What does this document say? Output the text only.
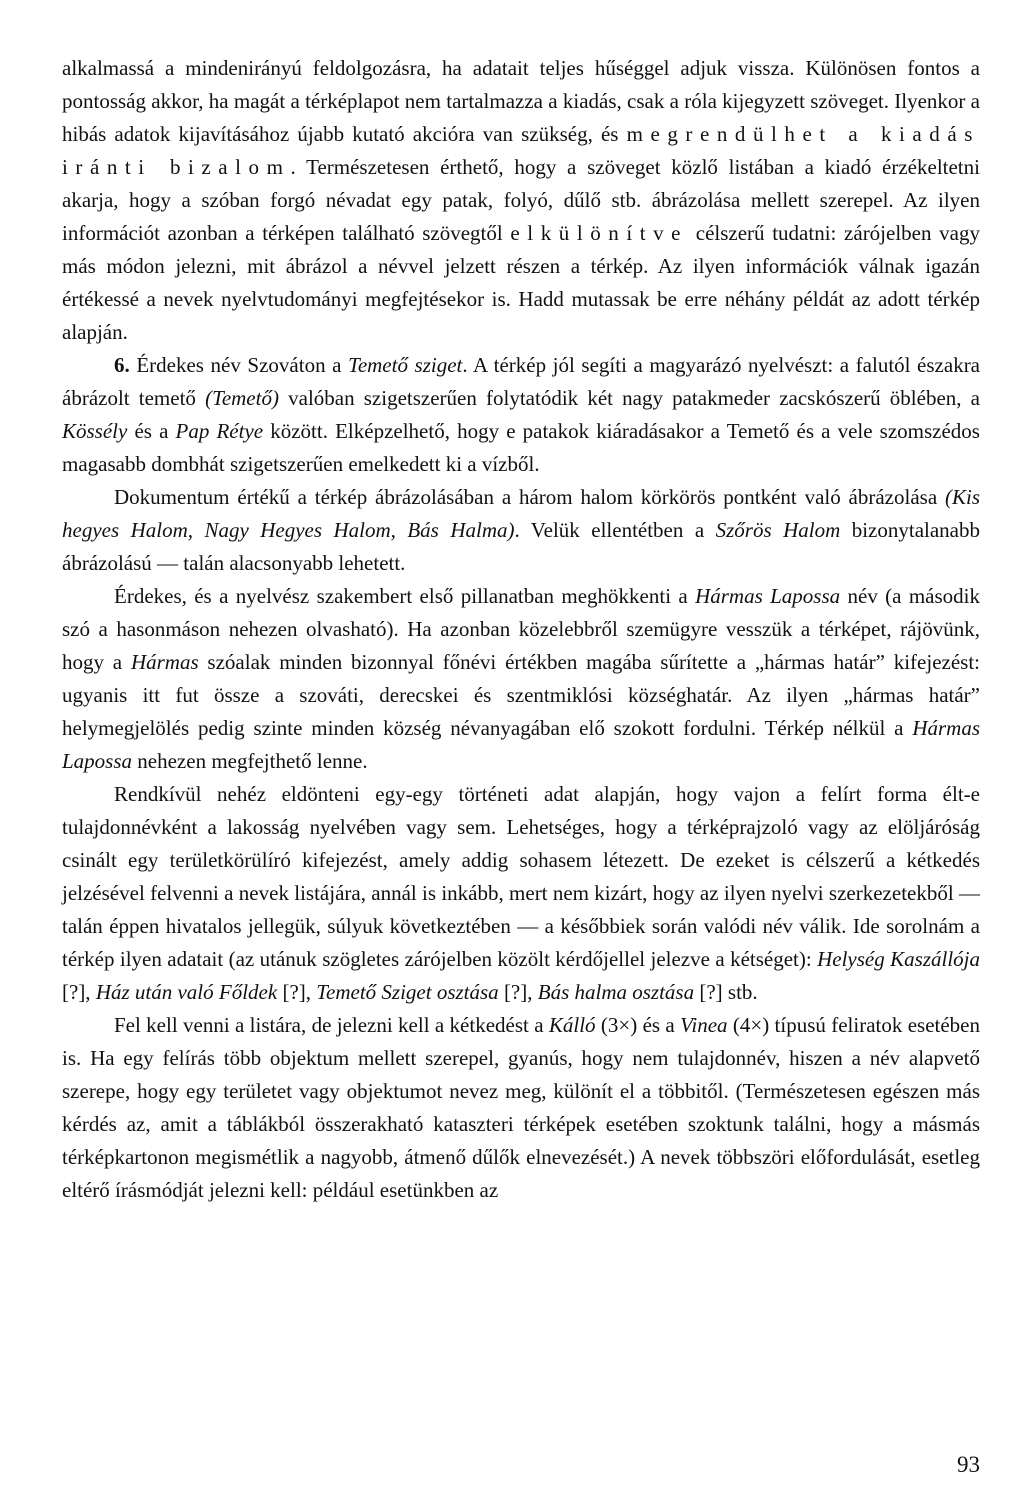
alkalmassá a mindenirányú feldolgozásra, ha adatait teljes hűséggel adjuk vissza. Különösen fontos a pontosság akkor, ha magát a térképlapot nem tartalmazza a kiadás, csak a róla kijegyzett szöveget. Ilyenkor a hibás adatok kijavításához újabb kutató akcióra van szükség, és megrendülhet a kiadás iránti bizalom. Természetesen érthető, hogy a szöveget közlő listában a kiadó érzékeltetni akarja, hogy a szóban forgó névadat egy patak, folyó, dűlő stb. ábrázolása mellett szerepel. Az ilyen információt azonban a térképen található szövegtől elkülönítve célszerű tudatni: zárójelben vagy más módon jelezni, mit ábrázol a névvel jelzett részen a térkép. Az ilyen információk válnak igazán értékessé a nevek nyelvtudományi megfejtésekor is. Hadd mutassak be erre néhány példát az adott térkép alapján.

6. Érdekes név Szováton a Temető sziget. A térkép jól segíti a magyarázó nyelvészt: a falutól északra ábrázolt temető (Temető) valóban szigetszerűen folytatódik két nagy patakmeder zacskószerű öblében, a Kössély és a Pap Rétye között. Elképzelhető, hogy e patakok kiáradásakor a Temető és a vele szomszédos magasabb dombhát szigetszerűen emelkedett ki a vízből.

Dokumentum értékű a térkép ábrázolásában a három halom körkörös pontként való ábrázolása (Kis hegyes Halom, Nagy Hegyes Halom, Bás Halma). Velük ellentétben a Szőrös Halom bizonytalanabb ábrázolású — talán alacsonyabb lehetett.

Érdekes, és a nyelvész szakembert első pillanatban meghökkenti a Hármas Lapossa név (a második szó a hasonmáson nehezen olvasható). Ha azonban közelebbről szemügyre vesszük a térképet, rájövünk, hogy a Hármas szóalak minden bizonnyal főnévi értékben magába sűrítette a „hármas határ” kifejezést: ugyanis itt fut össze a szováti, derecskei és szentmiklósi községhatár. Az ilyen „hármas határ” helymegjelölés pedig szinte minden község névanyagában elő szokott fordulni. Térkép nélkül a Hármas Lapossa nehezen megfejthető lenne.

Rendkívül nehéz eldönteni egy-egy történeti adat alapján, hogy vajon a felírt forma élt-e tulajdonnévként a lakosság nyelvében vagy sem. Lehetséges, hogy a térképrajzoló vagy az elöljáróság csinált egy területkörülíró kifejezést, amely addig sohasem létezett. De ezeket is célszerű a kétkedés jelzésével felvenni a nevek listájára, annál is inkább, mert nem kizárt, hogy az ilyen nyelvi szerkezetekből — talán éppen hivatalos jellegük, súlyuk következtében — a későbbiek során valódi név válik. Ide sorolnám a térkép ilyen adatait (az utánuk szögletes zárójelben közölt kérdőjellel jelezve a kétséget): Helység Kaszállója [?], Ház után való Főldek [?], Temető Sziget osztása [?], Bás halma osztása [?] stb.

Fel kell venni a listára, de jelezni kell a kétkedést a Kálló (3×) és a Vinea (4×) típusú feliratok esetében is. Ha egy felírás több objektum mellett szerepel, gyanús, hogy nem tulajdonnév, hiszen a név alapvető szerepe, hogy egy területet vagy objektumot nevez meg, különít el a többitől. (Természetesen egészen más kérdés az, amit a táblákból összerakható kataszteri térképek esetében szoktunk találni, hogy a másmás térképkartonon megismétlik a nagyobb, átmenő dűlők elnevezését.) A nevek többszöri előfordulását, esetleg eltérő írásmódját jelezni kell: például esetünkben az

93
